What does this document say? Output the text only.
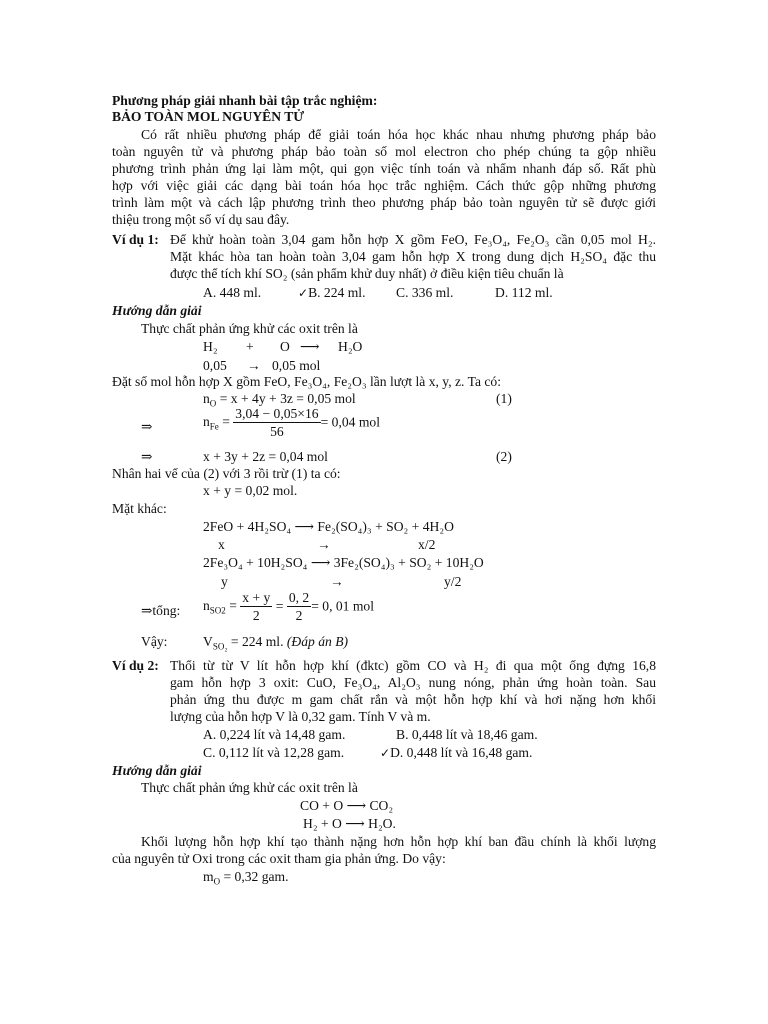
Phương pháp giải nhanh bài tập trắc nghiệm:
BẢO TOÀN MOL NGUYÊN TỬ
Có rất nhiều phương pháp để giải toán hóa học khác nhau nhưng phương pháp bảo
toàn nguyên tử và phương pháp bảo toàn số mol electron cho phép chúng ta gộp nhiều
phương trình phản ứng lại làm một, qui gọn việc tính toán và nhẩm nhanh đáp số. Rất phù
hợp với việc giải các dạng bài toán hóa học trắc nghiệm. Cách thức gộp những phương
trình làm một và cách lập phương trình theo phương pháp bảo toàn nguyên tử sẽ được giới
thiệu trong một số ví dụ sau đây.
Ví dụ 1: Để khử hoàn toàn 3,04 gam hỗn hợp X gồm FeO, Fe₃O₄, Fe₂O₃ cần 0,05 mol H₂.
Mặt khác hòa tan hoàn toàn 3,04 gam hỗn hợp X trong dung dịch H₂SO₄ đặc thu
được thể tích khí SO₂ (sản phẩm khử duy nhất) ở điều kiện tiêu chuẩn là
A. 448 ml.	✓B. 224 ml. C. 336 ml.	D. 112 ml.
Hướng dẫn giải
Thực chất phản ứng khử các oxit trên là
H₂ + O ⟶ H₂O
0,05 → 0,05 mol
Đặt số mol hỗn hợp X gồm FeO, Fe₃O₄, Fe₂O₃ lần lượt là x, y, z. Ta có:
$n_O = x + 4y + 3z = 0,05$ mol	(1)
⇒	$n_{Fe} = \frac{3,04 - 0,05\times 16}{56} = 0,04$ mol
⇒	x + 3y + 2z = 0,04 mol	(2)
Nhân hai vế của (2) với 3 rồi trừ (1) ta có:
x + y = 0,02 mol.
Mặt khác:
2FeO + 4H₂SO₄ ⟶ Fe₂(SO₄)₃ + SO₂ + 4H₂O
x	→	x/2
2Fe₃O₄ + 10H₂SO₄ ⟶ 3Fe₂(SO₄)₃ + SO₂ + 10H₂O
y	→	y/2
⇒tổng: $n_{SO2} = \frac{x + y}{2} = \frac{0, 2}{2} = 0$, 01 mol
Vậy:	$V_{SO_2} = 224$ ml. (Đáp án B)
Ví dụ 2: Thổi từ từ V lít hỗn hợp khí (đktc) gồm CO và H₂ đi qua một ống đựng 16,8
gam hỗn hợp 3 oxit: CuO, Fe₃O₄, Al₂O₃ nung nóng, phản ứng hoàn toàn. Sau
phản ứng thu được m gam chất rắn và một hỗn hợp khí và hơi nặng hơn khối
lượng của hỗn hợp V là 0,32 gam. Tính V và m.
A. 0,224 lít và 14,48 gam.	B. 0,448 lít và 18,46 gam.
C. 0,112 lít và 12,28 gam.	✓D. 0,448 lít và 16,48 gam.
Hướng dẫn giải
Thực chất phản ứng khử các oxit trên là
CO + O ⟶ CO₂
H₂ + O ⟶ H₂O.
Khối lượng hỗn hợp khí tạo thành nặng hơn hỗn hợp khí ban đầu chính là khối lượng
của nguyên tử Oxi trong các oxit tham gia phản ứng. Do vậy:
$m_O = 0,32$ gam.
